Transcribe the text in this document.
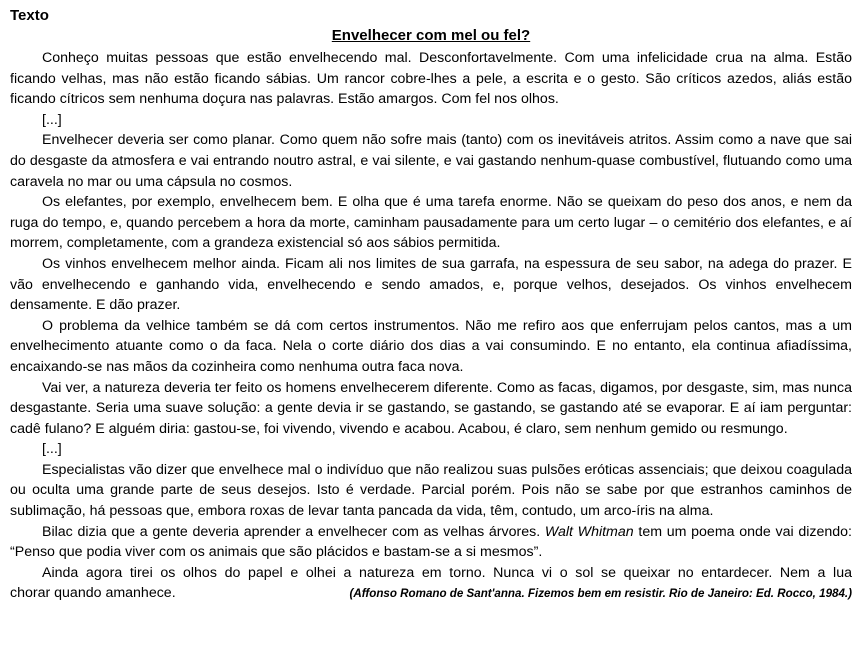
Texto
Envelhecer com mel ou fel?

Conheço muitas pessoas que estão envelhecendo mal. Desconfortavelmente. Com uma infelicidade crua na alma. Estão ficando velhas, mas não estão ficando sábias. Um rancor cobre-lhes a pele, a escrita e o gesto. São críticos azedos, aliás estão ficando cítricos sem nenhuma doçura nas palavras. Estão amargos. Com fel nos olhos.

[...]

Envelhecer deveria ser como planar. Como quem não sofre mais (tanto) com os inevitáveis atritos. Assim como a nave que sai do desgaste da atmosfera e vai entrando noutro astral, e vai silente, e vai gastando nenhum-quase combustível, flutuando como uma caravela no mar ou uma cápsula no cosmos.

Os elefantes, por exemplo, envelhecem bem. E olha que é uma tarefa enorme. Não se queixam do peso dos anos, e nem da ruga do tempo, e, quando percebem a hora da morte, caminham pausadamente para um certo lugar – o cemitério dos elefantes, e aí morrem, completamente, com a grandeza existencial só aos sábios permitida.

Os vinhos envelhecem melhor ainda. Ficam ali nos limites de sua garrafa, na espessura de seu sabor, na adega do prazer. E vão envelhecendo e ganhando vida, envelhecendo e sendo amados, e, porque velhos, desejados. Os vinhos envelhecem densamente. E dão prazer.

O problema da velhice também se dá com certos instrumentos. Não me refiro aos que enferrujam pelos cantos, mas a um envelhecimento atuante como o da faca. Nela o corte diário dos dias a vai consumindo. E no entanto, ela continua afiadíssima, encaixando-se nas mãos da cozinheira como nenhuma outra faca nova.

Vai ver, a natureza deveria ter feito os homens envelhecerem diferente. Como as facas, digamos, por desgaste, sim, mas nunca desgastante. Seria uma suave solução: a gente devia ir se gastando, se gastando, se gastando até se evaporar. E aí iam perguntar: cadê fulano? E alguém diria: gastou-se, foi vivendo, vivendo e acabou. Acabou, é claro, sem nenhum gemido ou resmungo.

[...]

Especialistas vão dizer que envelhece mal o indivíduo que não realizou suas pulsões eróticas assenciais; que deixou coagulada ou oculta uma grande parte de seus desejos. Isto é verdade. Parcial porém. Pois não se sabe por que estranhos caminhos de sublimação, há pessoas que, embora roxas de levar tanta pancada da vida, têm, contudo, um arco-íris na alma.

Bilac dizia que a gente deveria aprender a envelhecer com as velhas árvores. Walt Whitman tem um poema onde vai dizendo: “Penso que podia viver com os animais que são plácidos e bastam-se a si mesmos”.

Ainda agora tirei os olhos do papel e olhei a natureza em torno. Nunca vi o sol se queixar no entardecer. Nem a lua

chorar quando amanhece.	(Affonso Romano de Sant'anna. Fizemos bem em resistir. Rio de Janeiro: Ed. Rocco, 1984.)
